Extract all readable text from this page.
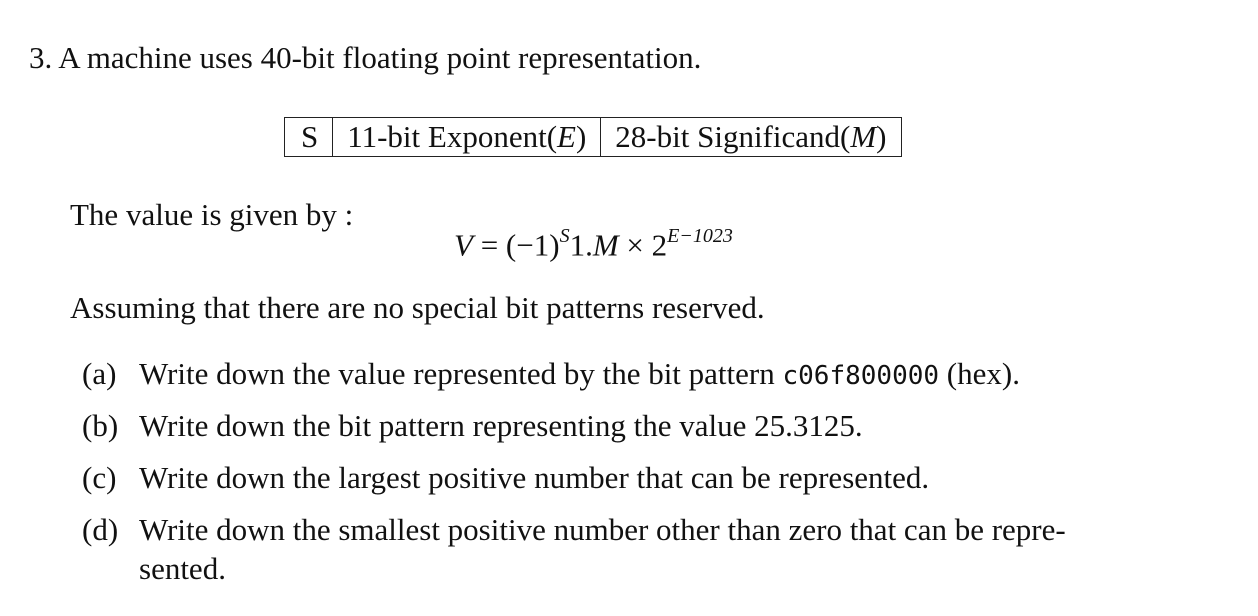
3. A machine uses 40-bit floating point representation.
S 11-bit Exponent( E ) 28-bit Significand( M )
The value is given by :
$V = (-1)^S1.M \times 2^{E-1023}$
Assuming that there are no special bit patterns reserved.
(a) Write down the value represented by the bit pattern c06f800000 (hex).
(b) Write down the bit pattern representing the value 25.3125.
(c) Write down the largest positive number that can be represented.
(d) Write down the smallest positive number other than zero that can be repre-
sented.
